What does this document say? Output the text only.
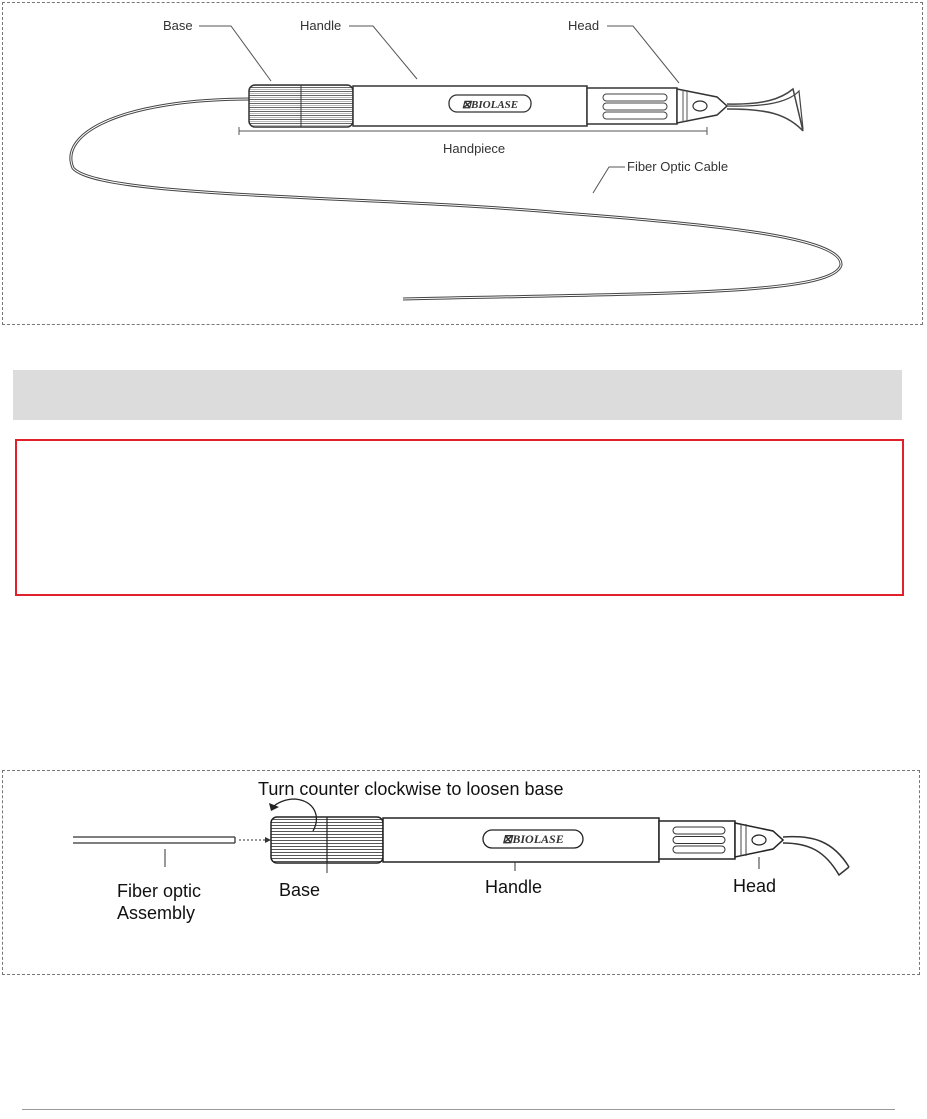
⊠BIOLASE
Base	Handle	Head
Handpiece
Fiber Optic Cable
⊠BIOLASE
Turn counter clockwise to loosen base
Fiber optic
Assembly
Base	Handle	Head
